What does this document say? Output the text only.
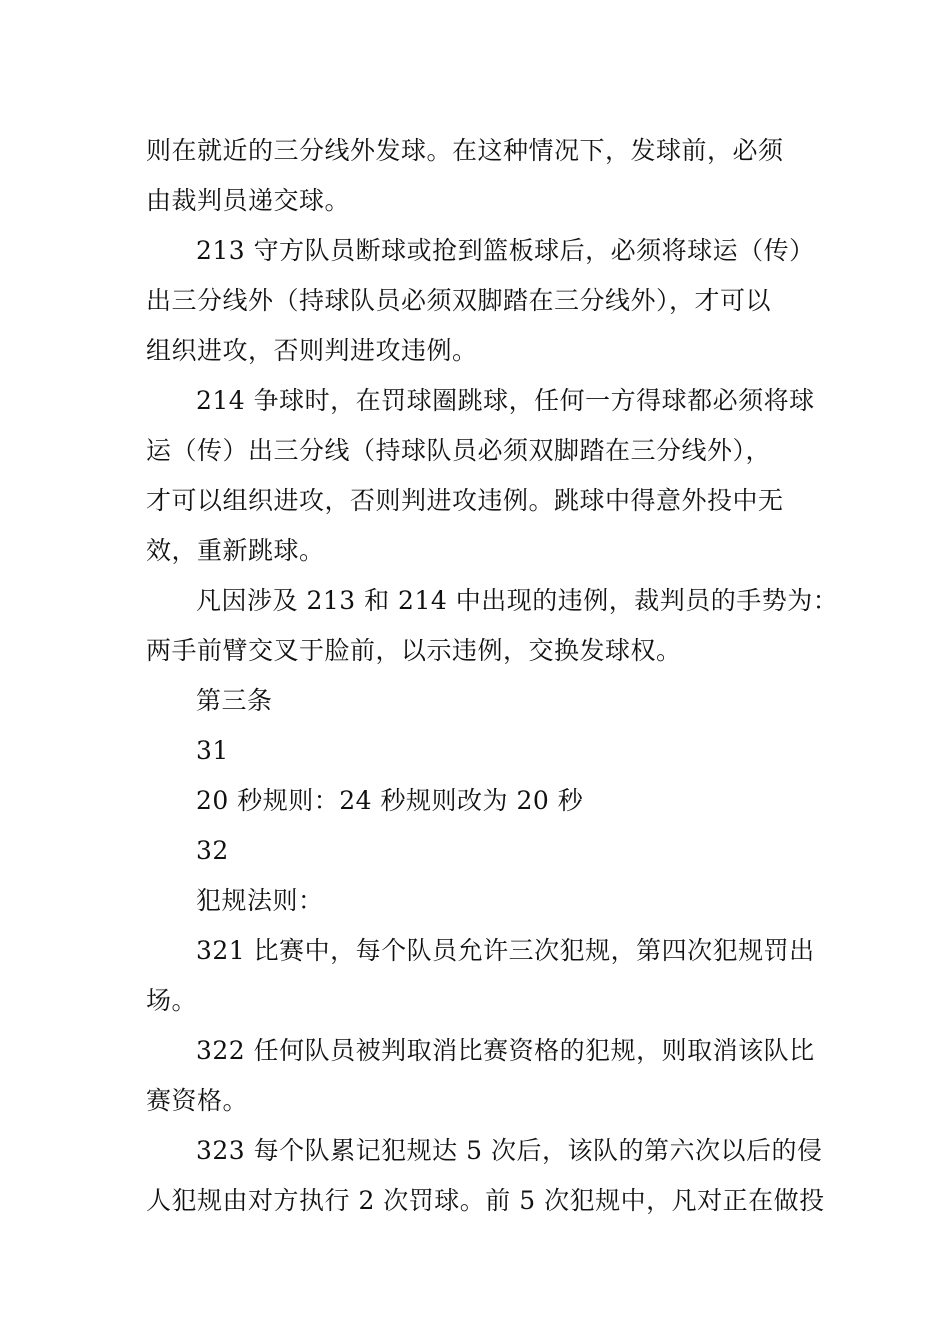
则在就近的三分线外发球。在这种情况下，发球前，必须
由裁判员递交球。
213 守方队员断球或抢到篮板球后，必须将球运（传）
出三分线外（持球队员必须双脚踏在三分线外），才可以
组织进攻，否则判进攻违例。
214 争球时，在罚球圈跳球，任何一方得球都必须将球
运（传）出三分线（持球队员必须双脚踏在三分线外），
才可以组织进攻，否则判进攻违例。跳球中得意外投中无
效，重新跳球。
凡因涉及 213 和 214 中出现的违例，裁判员的手势为：
两手前臂交叉于脸前，以示违例，交换发球权。
第三条
31
20 秒规则：24 秒规则改为 20 秒
32
犯规法则：
321 比赛中，每个队员允许三次犯规，第四次犯规罚出
场。
322 任何队员被判取消比赛资格的犯规，则取消该队比
赛资格。
323 每个队累记犯规达 5 次后，该队的第六次以后的侵
人犯规由对方执行 2 次罚球。前 5 次犯规中，凡对正在做投
